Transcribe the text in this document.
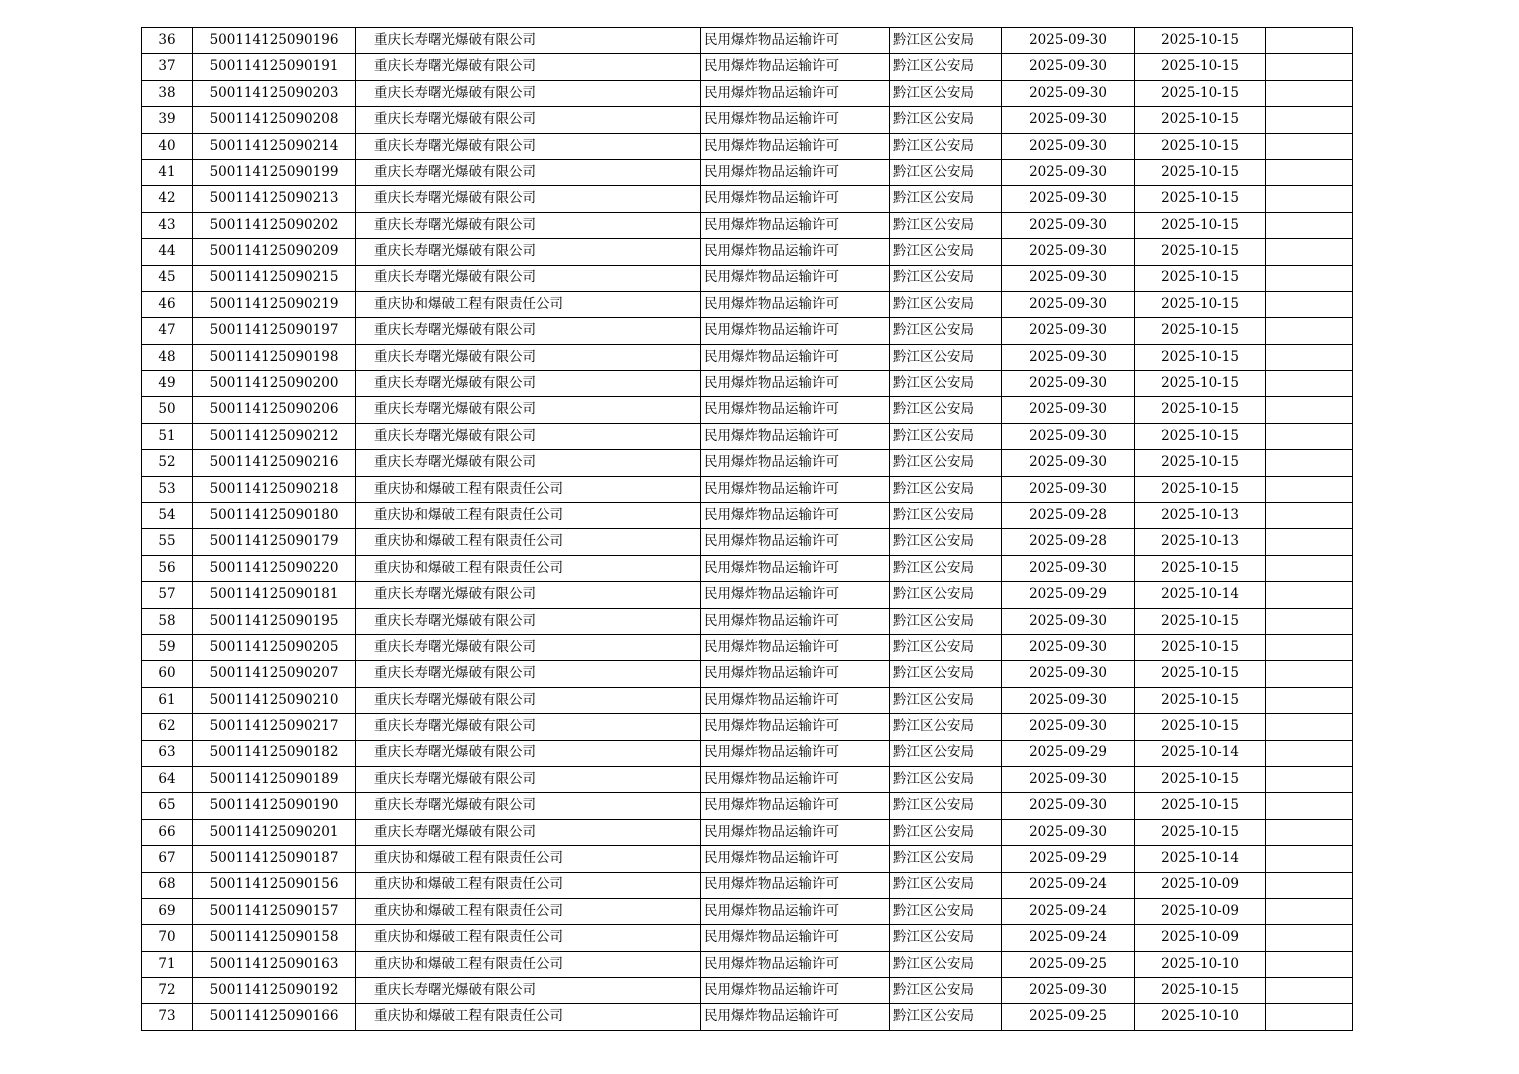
36	500114125090196	重庆长寿曙光爆破有限公司	民用爆炸物品运输许可	黔江区公安局	2025-09-30	2025-10-15	
37	500114125090191	重庆长寿曙光爆破有限公司	民用爆炸物品运输许可	黔江区公安局	2025-09-30	2025-10-15	
38	500114125090203	重庆长寿曙光爆破有限公司	民用爆炸物品运输许可	黔江区公安局	2025-09-30	2025-10-15	
39	500114125090208	重庆长寿曙光爆破有限公司	民用爆炸物品运输许可	黔江区公安局	2025-09-30	2025-10-15	
40	500114125090214	重庆长寿曙光爆破有限公司	民用爆炸物品运输许可	黔江区公安局	2025-09-30	2025-10-15	
41	500114125090199	重庆长寿曙光爆破有限公司	民用爆炸物品运输许可	黔江区公安局	2025-09-30	2025-10-15	
42	500114125090213	重庆长寿曙光爆破有限公司	民用爆炸物品运输许可	黔江区公安局	2025-09-30	2025-10-15	
43	500114125090202	重庆长寿曙光爆破有限公司	民用爆炸物品运输许可	黔江区公安局	2025-09-30	2025-10-15	
44	500114125090209	重庆长寿曙光爆破有限公司	民用爆炸物品运输许可	黔江区公安局	2025-09-30	2025-10-15	
45	500114125090215	重庆长寿曙光爆破有限公司	民用爆炸物品运输许可	黔江区公安局	2025-09-30	2025-10-15	
46	500114125090219	重庆协和爆破工程有限责任公司	民用爆炸物品运输许可	黔江区公安局	2025-09-30	2025-10-15	
47	500114125090197	重庆长寿曙光爆破有限公司	民用爆炸物品运输许可	黔江区公安局	2025-09-30	2025-10-15	
48	500114125090198	重庆长寿曙光爆破有限公司	民用爆炸物品运输许可	黔江区公安局	2025-09-30	2025-10-15	
49	500114125090200	重庆长寿曙光爆破有限公司	民用爆炸物品运输许可	黔江区公安局	2025-09-30	2025-10-15	
50	500114125090206	重庆长寿曙光爆破有限公司	民用爆炸物品运输许可	黔江区公安局	2025-09-30	2025-10-15	
51	500114125090212	重庆长寿曙光爆破有限公司	民用爆炸物品运输许可	黔江区公安局	2025-09-30	2025-10-15	
52	500114125090216	重庆长寿曙光爆破有限公司	民用爆炸物品运输许可	黔江区公安局	2025-09-30	2025-10-15	
53	500114125090218	重庆协和爆破工程有限责任公司	民用爆炸物品运输许可	黔江区公安局	2025-09-30	2025-10-15	
54	500114125090180	重庆协和爆破工程有限责任公司	民用爆炸物品运输许可	黔江区公安局	2025-09-28	2025-10-13	
55	500114125090179	重庆协和爆破工程有限责任公司	民用爆炸物品运输许可	黔江区公安局	2025-09-28	2025-10-13	
56	500114125090220	重庆协和爆破工程有限责任公司	民用爆炸物品运输许可	黔江区公安局	2025-09-30	2025-10-15	
57	500114125090181	重庆长寿曙光爆破有限公司	民用爆炸物品运输许可	黔江区公安局	2025-09-29	2025-10-14	
58	500114125090195	重庆长寿曙光爆破有限公司	民用爆炸物品运输许可	黔江区公安局	2025-09-30	2025-10-15	
59	500114125090205	重庆长寿曙光爆破有限公司	民用爆炸物品运输许可	黔江区公安局	2025-09-30	2025-10-15	
60	500114125090207	重庆长寿曙光爆破有限公司	民用爆炸物品运输许可	黔江区公安局	2025-09-30	2025-10-15	
61	500114125090210	重庆长寿曙光爆破有限公司	民用爆炸物品运输许可	黔江区公安局	2025-09-30	2025-10-15	
62	500114125090217	重庆长寿曙光爆破有限公司	民用爆炸物品运输许可	黔江区公安局	2025-09-30	2025-10-15	
63	500114125090182	重庆长寿曙光爆破有限公司	民用爆炸物品运输许可	黔江区公安局	2025-09-29	2025-10-14	
64	500114125090189	重庆长寿曙光爆破有限公司	民用爆炸物品运输许可	黔江区公安局	2025-09-30	2025-10-15	
65	500114125090190	重庆长寿曙光爆破有限公司	民用爆炸物品运输许可	黔江区公安局	2025-09-30	2025-10-15	
66	500114125090201	重庆长寿曙光爆破有限公司	民用爆炸物品运输许可	黔江区公安局	2025-09-30	2025-10-15	
67	500114125090187	重庆协和爆破工程有限责任公司	民用爆炸物品运输许可	黔江区公安局	2025-09-29	2025-10-14	
68	500114125090156	重庆协和爆破工程有限责任公司	民用爆炸物品运输许可	黔江区公安局	2025-09-24	2025-10-09	
69	500114125090157	重庆协和爆破工程有限责任公司	民用爆炸物品运输许可	黔江区公安局	2025-09-24	2025-10-09	
70	500114125090158	重庆协和爆破工程有限责任公司	民用爆炸物品运输许可	黔江区公安局	2025-09-24	2025-10-09	
71	500114125090163	重庆协和爆破工程有限责任公司	民用爆炸物品运输许可	黔江区公安局	2025-09-25	2025-10-10	
72	500114125090192	重庆长寿曙光爆破有限公司	民用爆炸物品运输许可	黔江区公安局	2025-09-30	2025-10-15	
73	500114125090166	重庆协和爆破工程有限责任公司	民用爆炸物品运输许可	黔江区公安局	2025-09-25	2025-10-10	
